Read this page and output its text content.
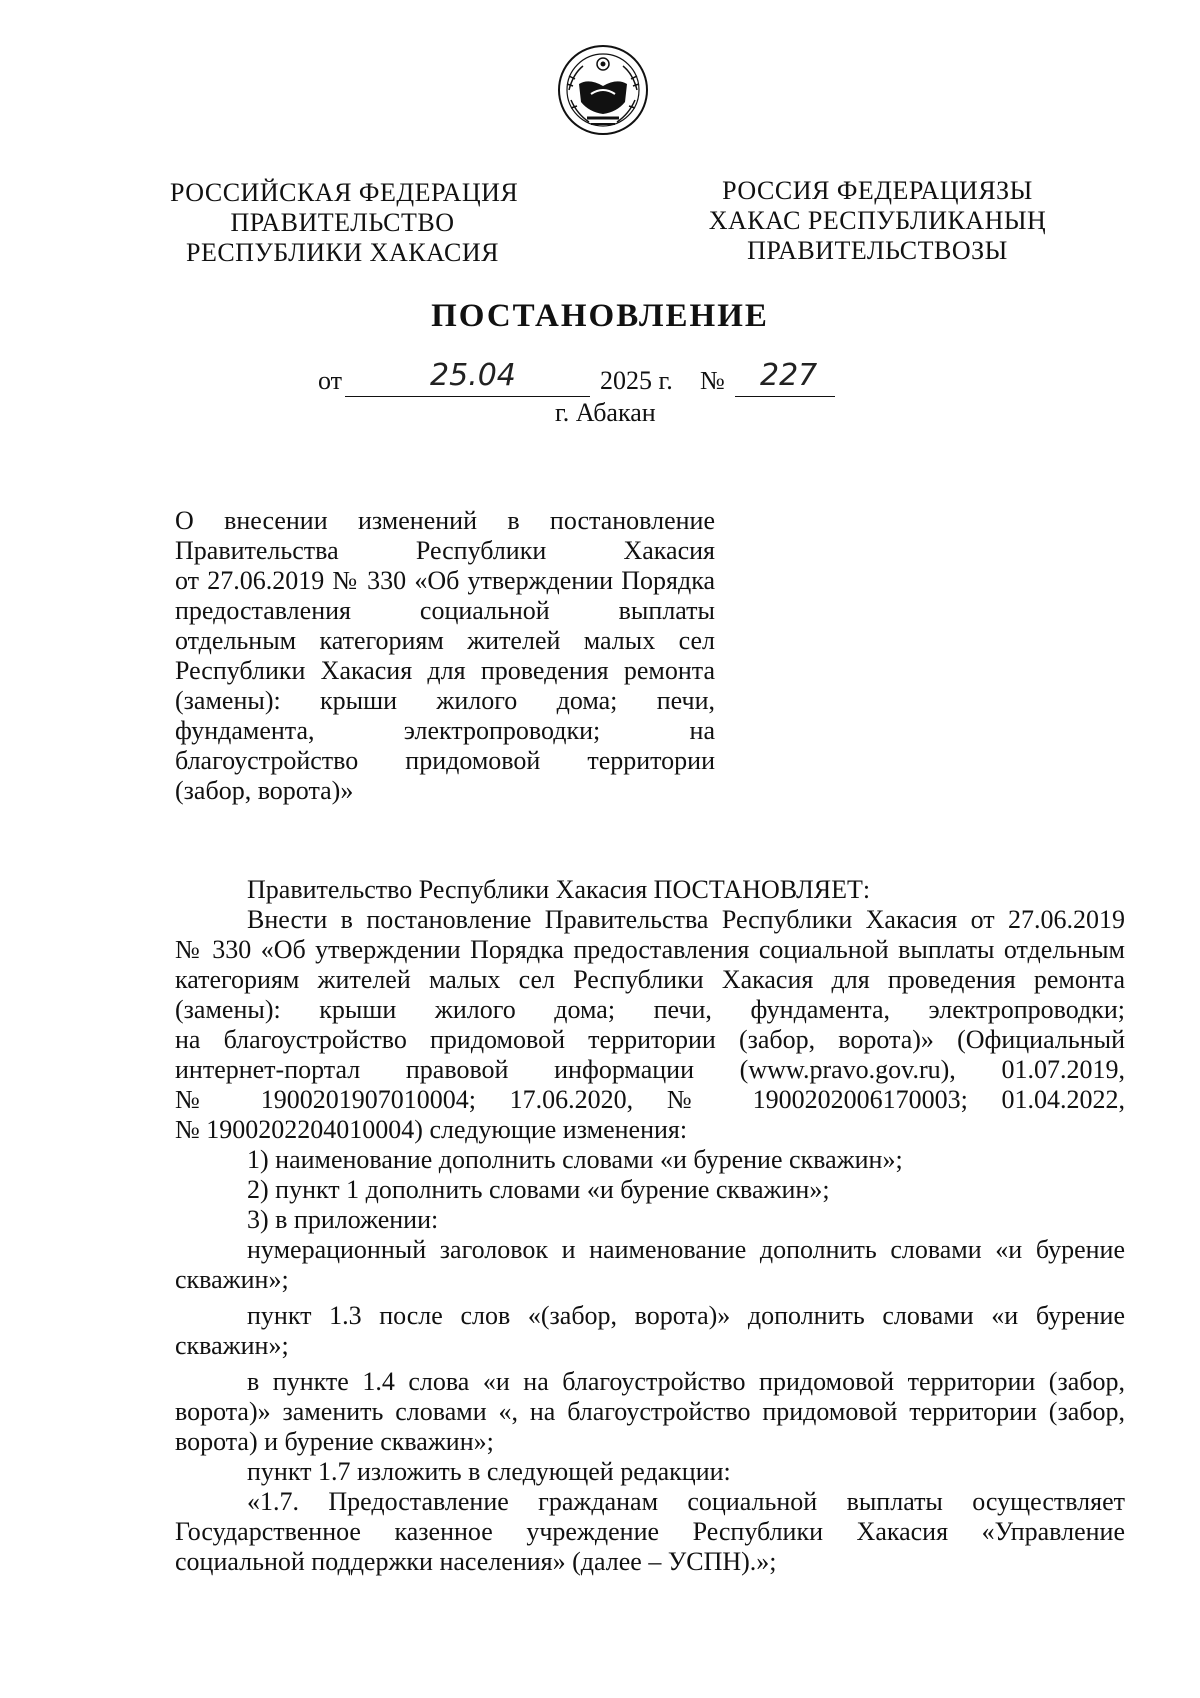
РОССИЙСКАЯ ФЕДЕРАЦИЯ
ПРАВИТЕЛЬСТВО
РЕСПУБЛИКИ ХАКАСИЯ
РОССИЯ ФЕДЕРАЦИЯЗЫ
ХАКАС РЕСПУБЛИКАНЫҢ
ПРАВИТЕЛЬСТВОЗЫ
ПОСТАНОВЛЕНИЕ
от	25.04	2025 г. № 227
г. Абакан
О внесении изменений в постановление
Правительства Республики Хакасия
от 27.06.2019 № 330 «Об утверждении Порядка
предоставления социальной выплаты
отдельным категориям жителей малых сел
Республики Хакасия для проведения ремонта
(замены): крыши жилого дома; печи,
фундамента, электропроводки; на
благоустройство придомовой территории
(забор, ворота)»
Правительство Республики Хакасия ПОСТАНОВЛЯЕТ:
Внести в постановление Правительства Республики Хакасия от 27.06.2019
№ 330 «Об утверждении Порядка предоставления социальной выплаты отдельным
категориям жителей малых сел Республики Хакасия для проведения ремонта
(замены): крыши жилого дома; печи, фундамента, электропроводки;
на благоустройство придомовой территории (забор, ворота)» (Официальный
интернет-портал правовой информации (www.pravo.gov.ru), 01.07.2019,
№ 1900201907010004; 17.06.2020, № 1900202006170003; 01.04.2022,
№ 1900202204010004) следующие изменения:
1) наименование дополнить словами «и бурение скважин»;
2) пункт 1 дополнить словами «и бурение скважин»;
3) в приложении:
нумерационный заголовок и наименование дополнить словами «и бурение
скважин»;
пункт 1.3 после слов «(забор, ворота)» дополнить словами «и бурение
скважин»;
в пункте 1.4 слова «и на благоустройство придомовой территории (забор,
ворота)» заменить словами «, на благоустройство придомовой территории (забор,
ворота) и бурение скважин»;
пункт 1.7 изложить в следующей редакции:
«1.7. Предоставление гражданам социальной выплаты осуществляет
Государственное казенное учреждение Республики Хакасия «Управление
социальной поддержки населения» (далее – УСПН).»;
